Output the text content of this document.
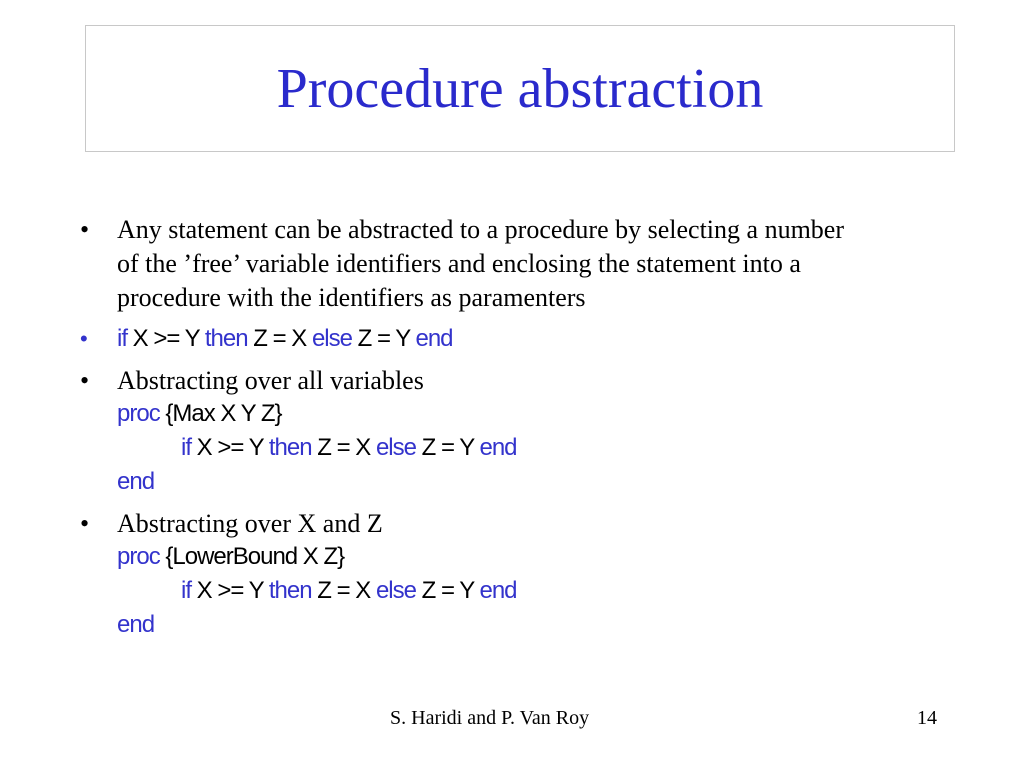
Procedure abstraction
• Any statement can be abstracted to a procedure by selecting a number
of the ’free’ variable identifiers and enclosing the statement into a
procedure with the identifiers as paramenters
• if X >= Y then Z = X else Z = Y end
• Abstracting over all variables
proc {Max X Y Z}
if X >= Y then Z = X else Z = Y end
end
• Abstracting over X and Z
proc {LowerBound X Z}
if X >= Y then Z = X else Z = Y end
end
S. Haridi and P. Van Roy	14
